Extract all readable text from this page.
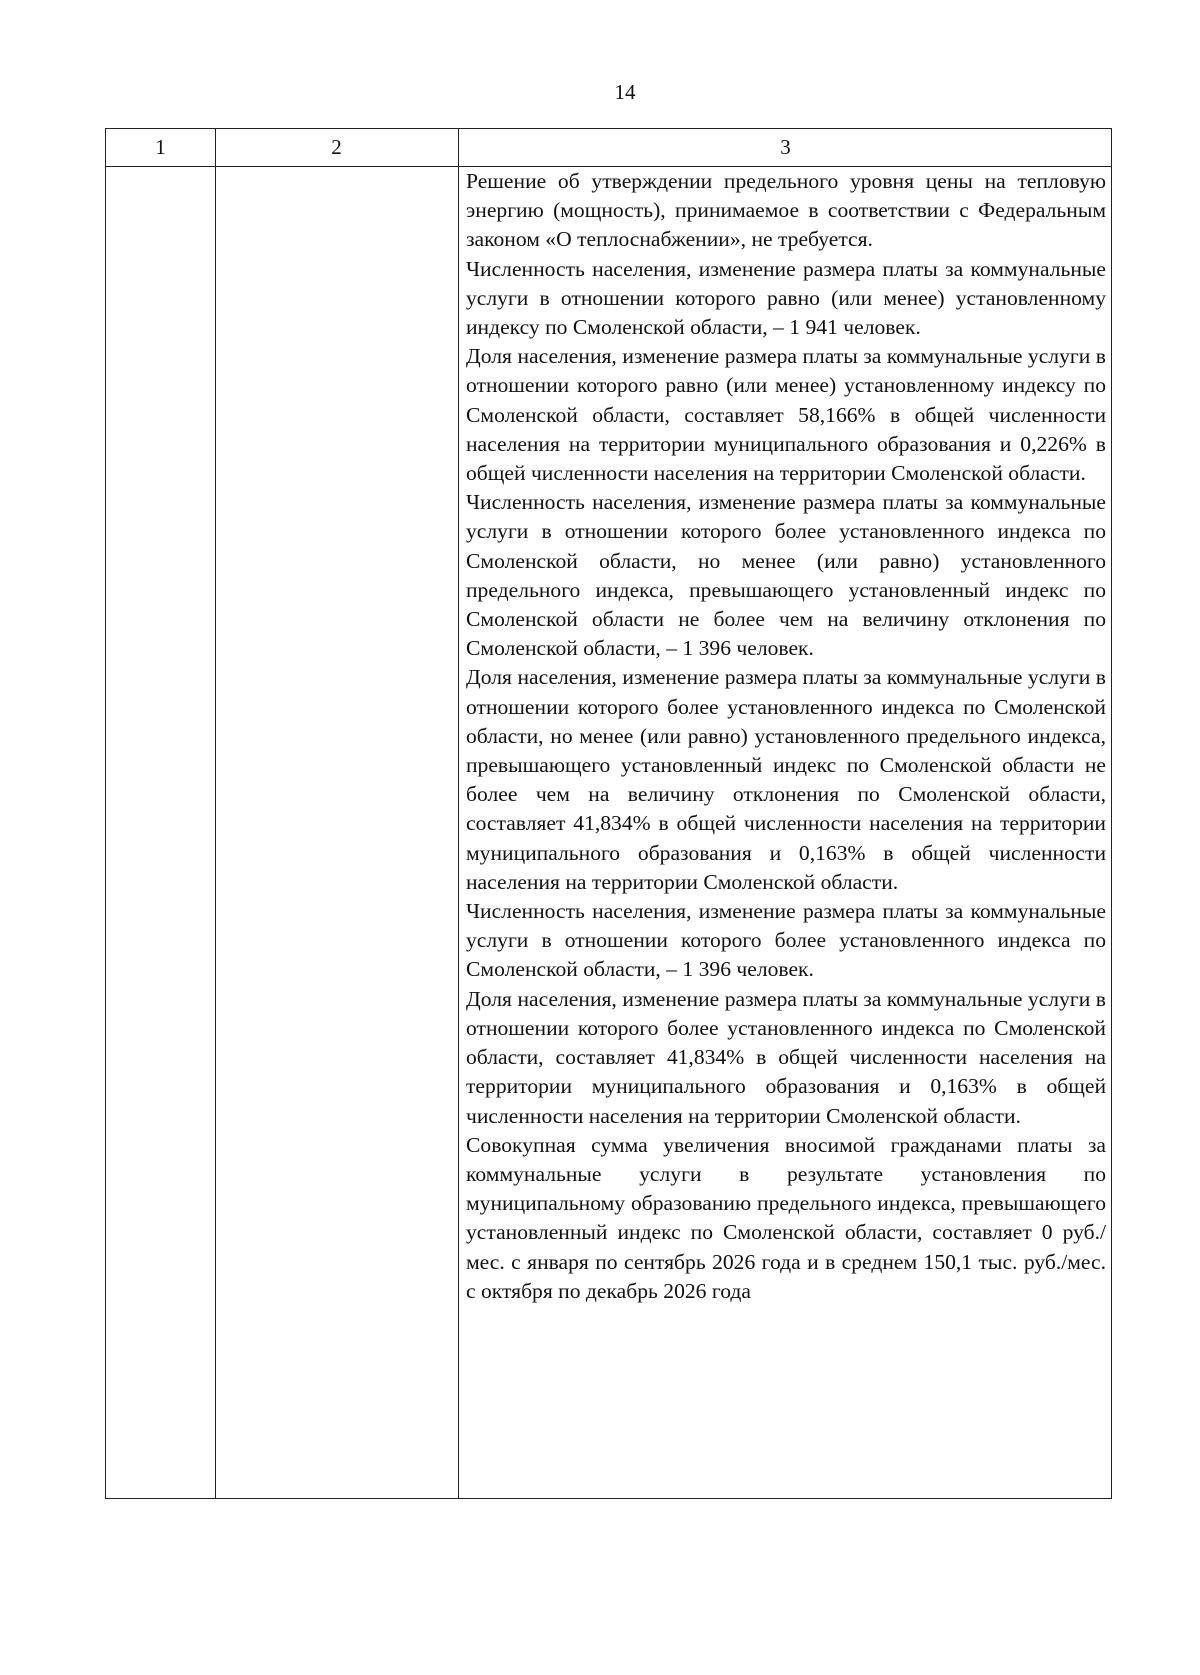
14
1	2	3

Решение об утверждении предельного уровня цены на тепловую энергию (мощность), принимаемое в соответствии с Федеральным законом «О теплоснабжении», не требуется.

Численность населения, изменение размера платы за коммунальные услуги в отношении которого равно (или менее) установленному индексу по Смоленской области, – 1 941 человек.

Доля населения, изменение размера платы за коммунальные услуги в отношении которого равно (или менее) установленному индексу по Смоленской области, составляет 58,166% в общей численности населения на территории муниципального образования и 0,226% в общей численности населения на территории Смоленской области.

Численность населения, изменение размера платы за коммунальные услуги в отношении которого более установленного индекса по Смоленской области, но менее (или равно) установленного предельного индекса, превышающего установленный индекс по Смоленской области не более чем на величину отклонения по Смоленской области, – 1 396 человек.

Доля населения, изменение размера платы за коммунальные услуги в отношении которого более установленного индекса по Смоленской области, но менее (или равно) установленного предельного индекса, превышающего установленный индекс по Смоленской области не более чем на величину отклонения по Смоленской области, составляет 41,834% в общей численности населения на территории муниципального образования и 0,163% в общей численности населения на территории Смоленской области.

Численность населения, изменение размера платы за коммунальные услуги в отношении которого более установленного индекса по Смоленской области, – 1 396 человек.

Доля населения, изменение размера платы за коммунальные услуги в отношении которого более установленного индекса по Смоленской области, составляет 41,834% в общей численности населения на территории муниципального образования и 0,163% в общей численности населения на территории Смоленской области.

Совокупная сумма увеличения вносимой гражданами платы за коммунальные услуги в результате установления по муниципальному образованию предельного индекса, превышающего установленный индекс по Смоленской области, составляет 0 руб./мес. с января по сентябрь 2026 года и в среднем 150,1 тыс. руб./мес. с октября по декабрь 2026 года
